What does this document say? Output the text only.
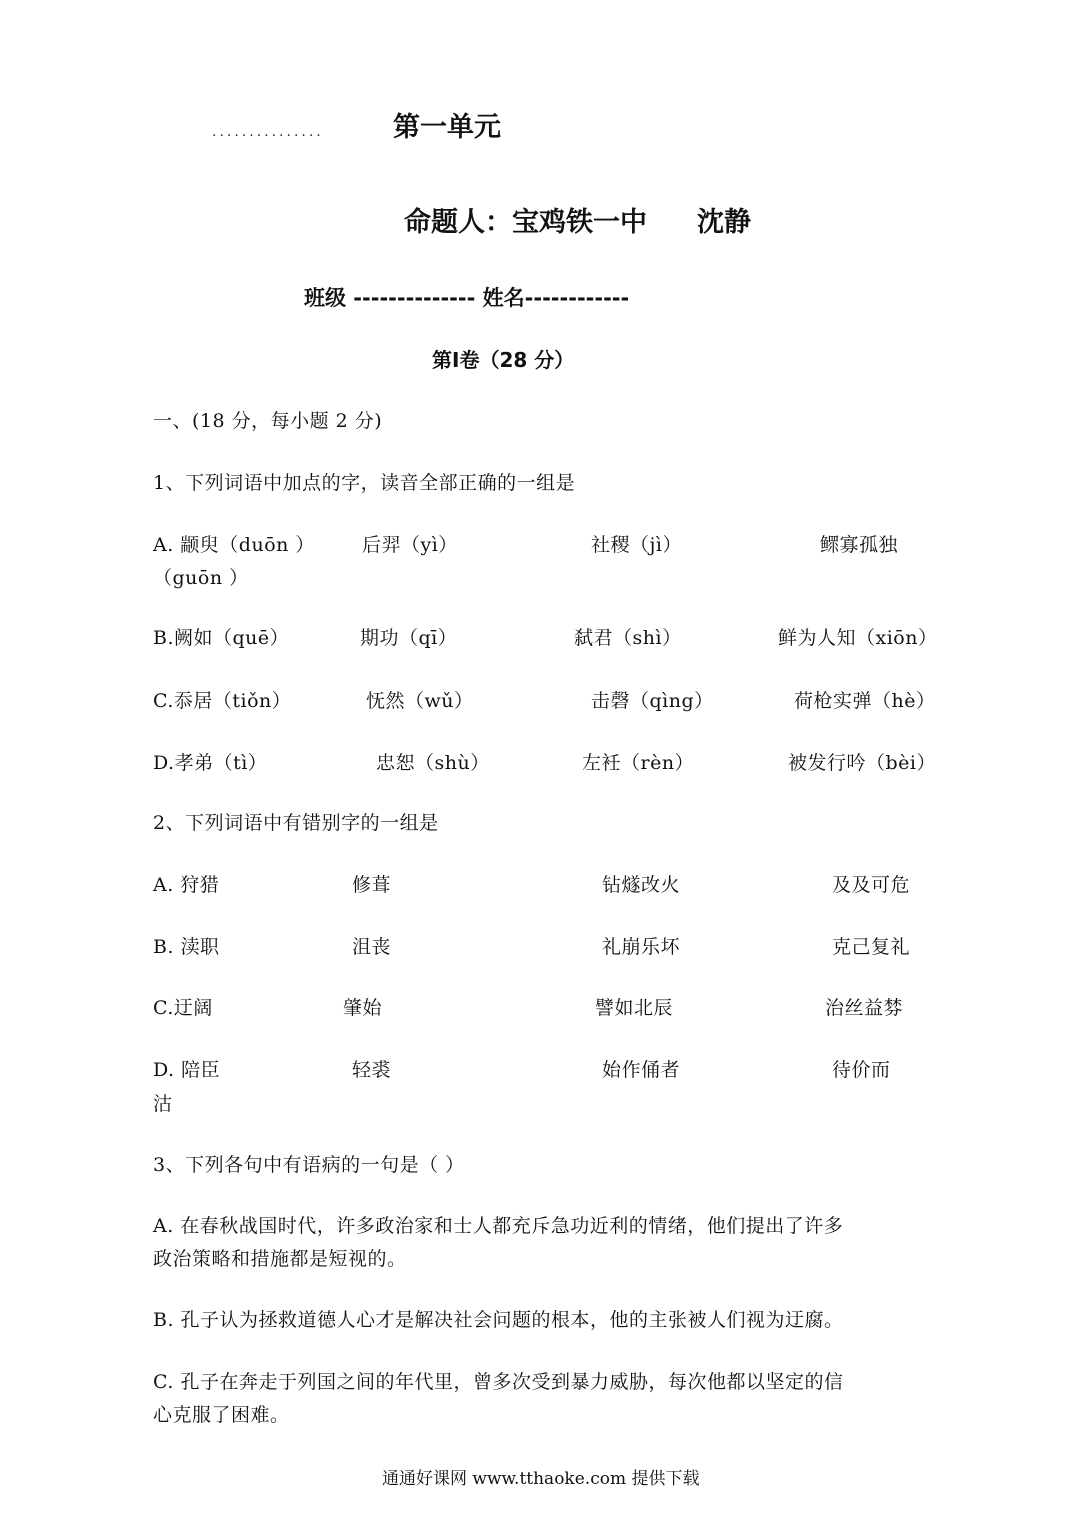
...............	第一单元
命题人：宝鸡铁一中 沈静
班级 -------------- 姓名------------
第Ⅰ卷（28 分）
一、(18 分，每小题 2 分)
1、下列词语中加点的字，读音全部正确的一组是
A. 颛臾（duōn ） 后羿（yì）	社稷（jì）	鳏寡孤独
（guōn ）
B.阙如（quē）	期功（qī）	弑君（shì）	鲜为人知（xiōn）
C.忝居（tiǒn）	怃然（wǔ）	击磬（qìng）	荷枪实弹（hè）
D.孝弟（tì）	忠恕（shù）	左衽（rèn）	被发行吟（bèi）
2、下列词语中有错别字的一组是
A. 狩猎	修葺	钻燧改火	及及可危
B. 渎职	沮丧	礼崩乐坏	克己复礼
C.迂阔	肇始	譬如北辰	治丝益棼
D. 陪臣	轻裘	始作俑者	待价而
沽
3、下列各句中有语病的一句是（ ）
A. 在春秋战国时代，许多政治家和士人都充斥急功近利的情绪，他们提出了许多
政治策略和措施都是短视的。
B. 孔子认为拯救道德人心才是解决社会问题的根本，他的主张被人们视为迂腐。
C. 孔子在奔走于列国之间的年代里，曾多次受到暴力威胁，每次他都以坚定的信
心克服了困难。
通通好课网 www.tthaoke.com 提供下载
